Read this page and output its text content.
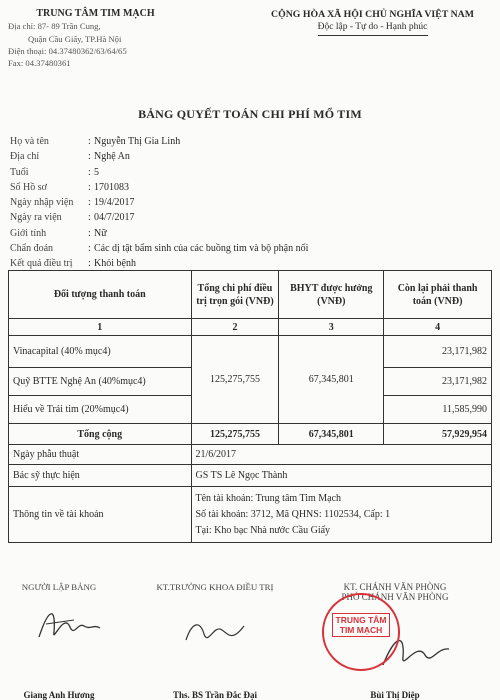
TRUNG TÂM TIM MẠCH
Địa chỉ: 87- 89 Trần Cung,
Quận Cầu Giấy, TP.Hà Nội
Điện thoại: 04.37480362/63/64/65
Fax: 04.37480361
CỘNG HÒA XÃ HỘI CHỦ NGHĨA VIỆT NAM
Độc lập - Tự do - Hạnh phúc
BẢNG QUYẾT TOÁN CHI PHÍ MỔ TIM
Họ và tên	: Nguyễn Thị Gia Linh
Địa chỉ	: Nghệ An
Tuổi	: 5
Số Hồ sơ	: 1701083
Ngày nhập viện : 19/4/2017
Ngày ra viện	: 04/7/2017
Giới tính	: Nữ
Chẩn đoán	: Các dị tật bẩm sinh của các buồng tim và bộ phận nối
Kết quả điều trị : Khỏi bệnh
Đối tượng thanh toán	Tổng chi phí điều trị trọn gói (VNĐ)	BHYT được hưởng (VNĐ)	Còn lại phải thanh toán (VNĐ)
1	2	3	4
Vinacapital (40% mục4)	125,275,755	67,345,801	23,171,982
Quỹ BTTE Nghệ An (40%mục4)			23,171,982
Hiểu về Trái tim (20%mục4)			11,585,990
Tổng cộng	125,275,755	67,345,801	57,929,954
Ngày phẫu thuật	21/6/2017		
Bác sỹ thực hiện	GS TS Lê Ngọc Thành		
Thông tin về tài khoản	Tên tài khoản: Trung tâm Tim Mạch
Số tài khoản: 3712, Mã QHNS: 1102534, Cấp: 1
Tại: Kho bạc Nhà nước Cầu Giấy		
NGƯỜI LẬP BẢNG
Giang Anh Hương
KT.TRƯỞNG KHOA ĐIỀU TRỊ
Ths. BS Trần Đắc Đại
KT. CHÁNH VĂN PHÒNG
PHÓ CHÁNH VĂN PHÒNG
Bùi Thị Diệp
TRUNG TÂM
TIM MẠCH
